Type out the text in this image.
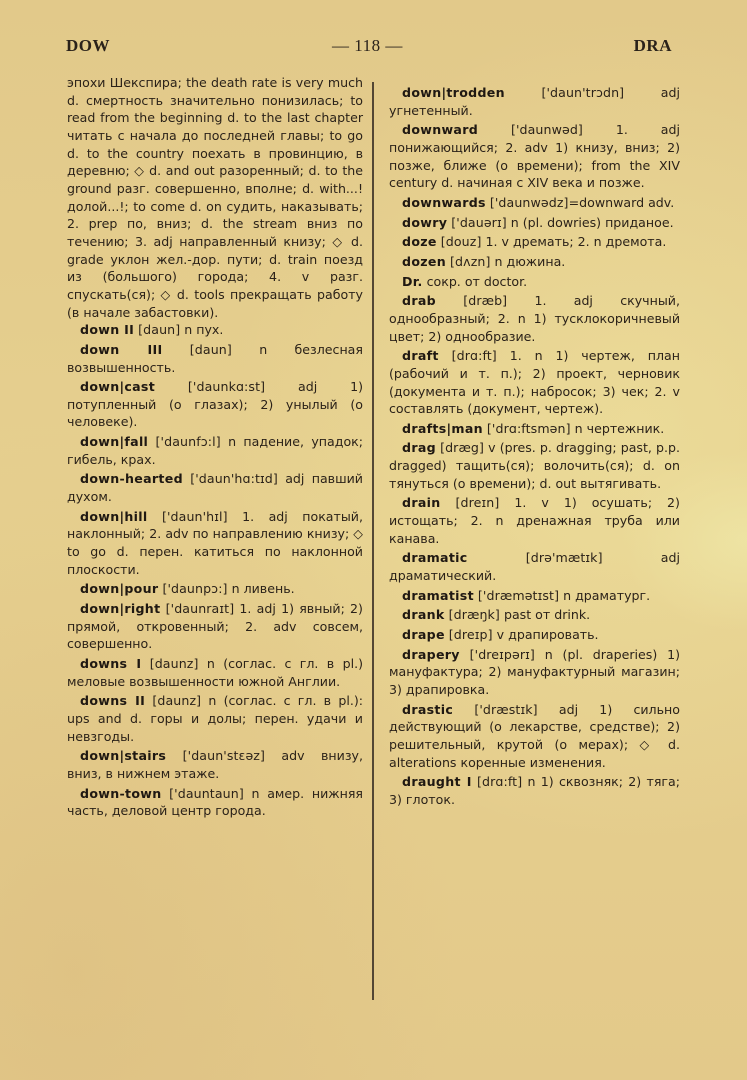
DOW	— 118 —	DRA

эпохи Шекспира; the death rate is very much d. смертность значительно понизилась; to read from the beginning d. to the last chapter читать с начала до последней главы; to go d. to the country поехать в провинцию, в деревню; ◇ d. and out разоренный; d. to the ground разг. совершенно, вполне; d. with...! долой...!; to come d. on судить, наказывать; 2. prep по, вниз; d. the stream вниз по течению; 3. adj направленный книзу; ◇ d. grade уклон жел.-дор. пути; d. train поезд из (большого) города; 4. v разг. спускать(ся); ◇ d. tools прекращать работу (в начале забастовки).

down II [daun] n пух.

down III [daun] n безлесная возвышенность.

down|cast	['daunkɑ:st]	adj 1) потупленный (о глазах); 2) унылый (о человеке).

down|fall ['daunfɔ:l] n падение, упадок; гибель, крах.

down-hearted ['daun'hɑ:tɪd] adj павший духом.

down|hill ['daun'hɪl] 1. adj покатый, наклонный; 2. adv по направлению книзу; ◇ to go d. перен. катиться по наклонной плоскости.

down|pour ['daunpɔ:] n ливень.

down|right ['daunraɪt] 1. adj 1) явный; 2) прямой, откровенный; 2. adv совсем, совершенно.

downs I [daunz] n (соглас. с гл. в pl.) меловые возвышенности южной Англии.

downs II [daunz] n (соглас. с гл. в pl.): ups and d. горы и долы; перен. удачи и невзгоды.

down|stairs ['daun'stɛəz] adv внизу, вниз, в нижнем этаже.

down-town ['dauntaun] n амер. нижняя часть, деловой центр города.

down|trodden	['daun'trɔdn]	adj угнетенный.

downward	['daunwəd]	1. adj понижающийся; 2. adv 1) книзу, вниз; 2) позже, ближе (о времени); from the XIV century d. начиная с XIV века и позже.

downwards ['daunwədz]=downward adv.

dowry ['dauərɪ] n (pl. dowries) приданое.

doze [douz] 1. v дремать; 2. n дремота.

dozen [dʌzn] n дюжина.

Dr. сокр. от doctor.

drab [dræb] 1. adj скучный, однообразный; 2. n 1) тусклокоричневый цвет; 2) однообразие.

draft [drɑ:ft] 1. n 1) чертеж, план (рабочий и т. п.); 2) проект, черновик (документа и т. п.); набросок; 3) чек; 2. v составлять (документ, чертеж).

drafts|man ['drɑ:ftsmən] n чертежник.

drag [dræg] v (pres. p. dragging; past, p.p. dragged) тащить(ся); волочить(ся); d. on тянуться (о времени); d. out вытягивать.

drain [dreɪn] 1. v 1) осушать; 2) истощать; 2. n дренажная труба или канава.

dramatic	[drə'mætɪk]	adj драматический.

dramatist ['dræmətɪst] n драматург.

drank [dræŋk] past от drink.

drape [dreɪp] v драпировать.

drapery ['dreɪpərɪ] n (pl. draperies) 1) мануфактура; 2) мануфактурный магазин; 3) драпировка.

drastic ['dræstɪk] adj 1) сильно действующий (о лекарстве, средстве); 2) решительный, крутой (о мерах); ◇ d. alterations коренные изменения.

draught I [drɑ:ft] n 1) сквозняк; 2) тяга; 3) глоток.
